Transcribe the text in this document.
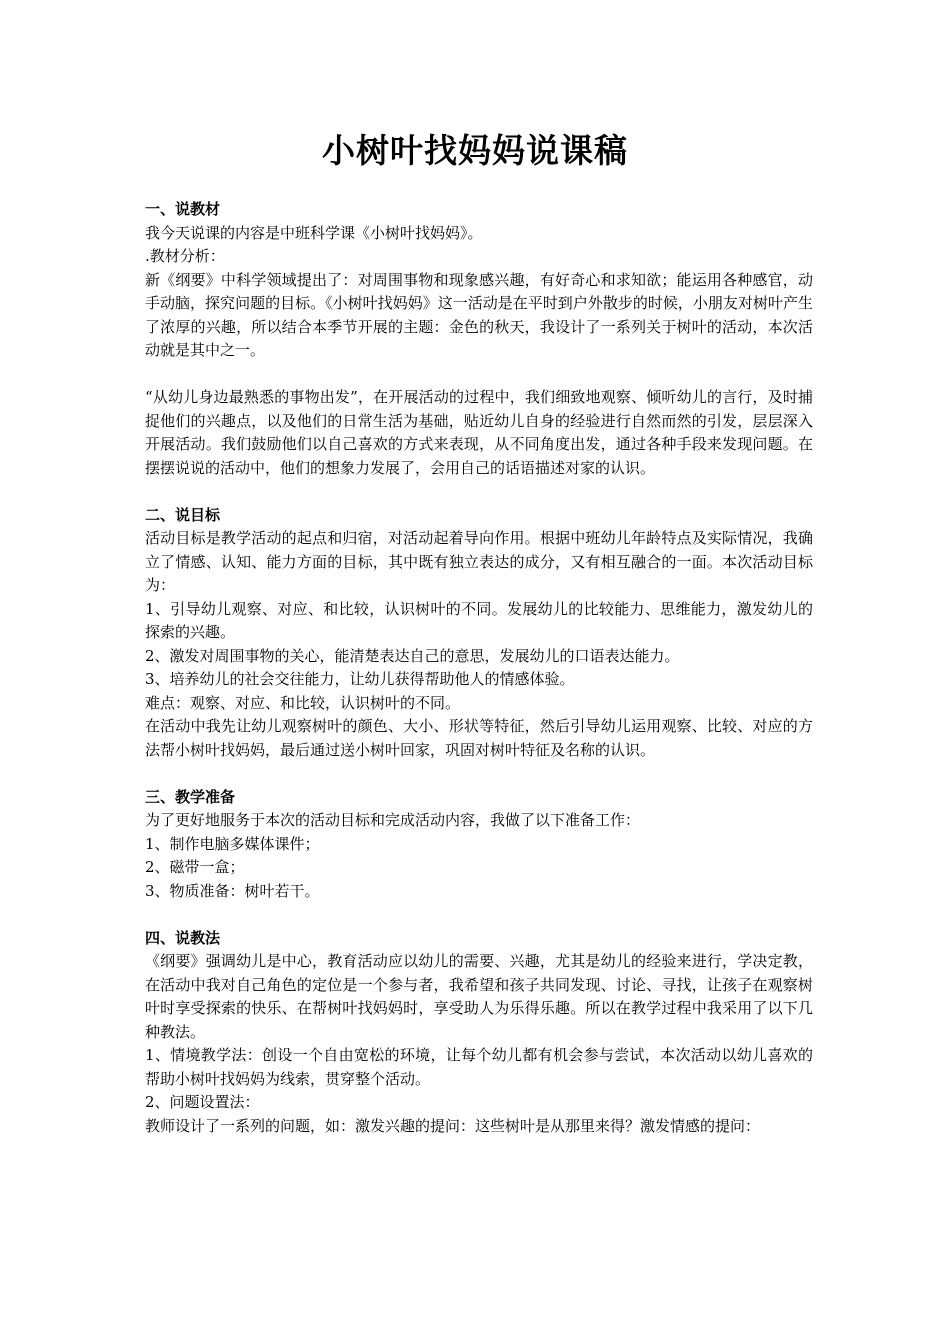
小树叶找妈妈说课稿

一、说教材

我今天说课的内容是中班科学课《小树叶找妈妈》。

.教材分析：

新《纲要》中科学领域提出了：对周围事物和现象感兴趣，有好奇心和求知欲；能运用各种感官，动手动脑，探究问题的目标。《小树叶找妈妈》这一活动是在平时到户外散步的时候，小朋友对树叶产生了浓厚的兴趣，所以结合本季节开展的主题：金色的秋天，我设计了一系列关于树叶的活动，本次活动就是其中之一。

“从幼儿身边最熟悉的事物出发”，在开展活动的过程中，我们细致地观察、倾听幼儿的言行，及时捕捉他们的兴趣点，以及他们的日常生活为基础，贴近幼儿自身的经验进行自然而然的引发，层层深入开展活动。我们鼓励他们以自己喜欢的方式来表现，从不同角度出发，通过各种手段来发现问题。在摆摆说说的活动中，他们的想象力发展了，会用自己的话语描述对家的认识。

二、说目标

活动目标是教学活动的起点和归宿，对活动起着导向作用。根据中班幼儿年龄特点及实际情况，我确立了情感、认知、能力方面的目标，其中既有独立表达的成分，又有相互融合的一面。本次活动目标为：

1、引导幼儿观察、对应、和比较，认识树叶的不同。发展幼儿的比较能力、思维能力，激发幼儿的探索的兴趣。

2、激发对周围事物的关心，能清楚表达自己的意思，发展幼儿的口语表达能力。

3、培养幼儿的社会交往能力，让幼儿获得帮助他人的情感体验。

难点：观察、对应、和比较，认识树叶的不同。

在活动中我先让幼儿观察树叶的颜色、大小、形状等特征，然后引导幼儿运用观察、比较、对应的方法帮小树叶找妈妈，最后通过送小树叶回家，巩固对树叶特征及名称的认识。

三、教学准备

为了更好地服务于本次的活动目标和完成活动内容，我做了以下准备工作：

1、制作电脑多媒体课件；

2、磁带一盒；

3、物质准备：树叶若干。

四、说教法

《纲要》强调幼儿是中心，教育活动应以幼儿的需要、兴趣，尤其是幼儿的经验来进行，学决定教，在活动中我对自己角色的定位是一个参与者，我希望和孩子共同发现、讨论、寻找，让孩子在观察树叶时享受探索的快乐、在帮树叶找妈妈时，享受助人为乐得乐趣。所以在教学过程中我采用了以下几种教法。

1、情境教学法：创设一个自由宽松的环境，让每个幼儿都有机会参与尝试，本次活动以幼儿喜欢的帮助小树叶找妈妈为线索，贯穿整个活动。

2、问题设置法：

教师设计了一系列的问题，如：激发兴趣的提问：这些树叶是从那里来得？激发情感的提问：
